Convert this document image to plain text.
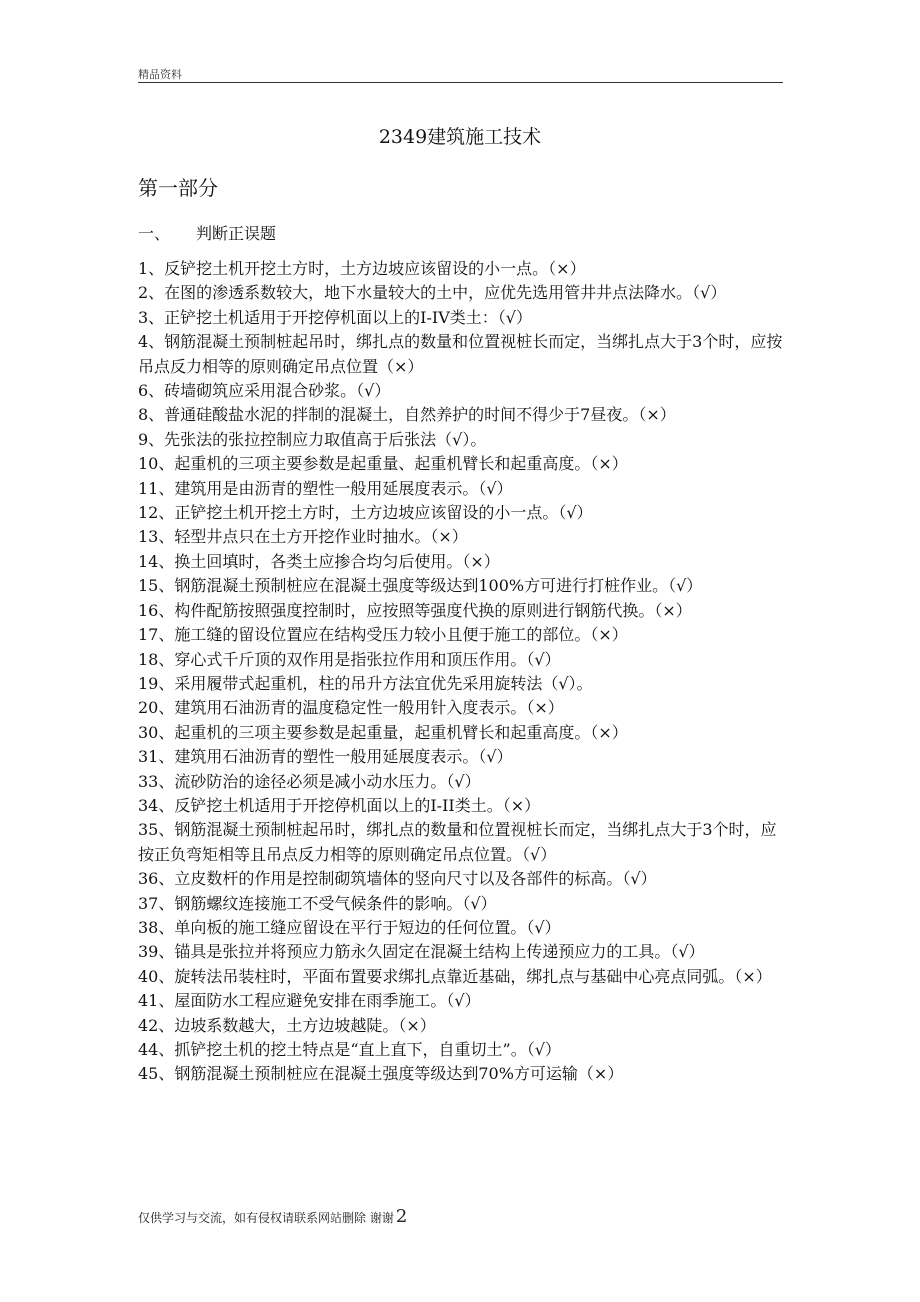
精品资料
2349建筑施工技术
第一部分
一、 判断正误题
1、反铲挖土机开挖土方时，土方边坡应该留设的小一点。（×）
2、在图的渗透系数较大，地下水量较大的土中，应优先选用管井井点法降水。（√）
3、正铲挖土机适用于开挖停机面以上的I-IV类土：（√）
4、钢筋混凝土预制桩起吊时，绑扎点的数量和位置视桩长而定，当绑扎点大于3个时，应按吊点反力相等的原则确定吊点位置（×）
6、砖墙砌筑应采用混合砂浆。（√）
8、普通硅酸盐水泥的拌制的混凝土，自然养护的时间不得少于7昼夜。（×）
9、先张法的张拉控制应力取值高于后张法（√）。
10、起重机的三项主要参数是起重量、起重机臂长和起重高度。（×）
11、建筑用是由沥青的塑性一般用延展度表示。（√）
12、正铲挖土机开挖土方时，土方边坡应该留设的小一点。（√）
13、轻型井点只在土方开挖作业时抽水。（×）
14、换土回填时，各类土应掺合均匀后使用。（×）
15、钢筋混凝土预制桩应在混凝土强度等级达到100%方可进行打桩作业。（√）
16、构件配筋按照强度控制时，应按照等强度代换的原则进行钢筋代换。（×）
17、施工缝的留设位置应在结构受压力较小且便于施工的部位。（×）
18、穿心式千斤顶的双作用是指张拉作用和顶压作用。（√）
19、采用履带式起重机，柱的吊升方法宜优先采用旋转法（√）。
20、建筑用石油沥青的温度稳定性一般用针入度表示。（×）
30、起重机的三项主要参数是起重量，起重机臂长和起重高度。（×）
31、建筑用石油沥青的塑性一般用延展度表示。（√）
33、流砂防治的途径必须是减小动水压力。（√）
34、反铲挖土机适用于开挖停机面以上的I-II类土。（×）
35、钢筋混凝土预制桩起吊时，绑扎点的数量和位置视桩长而定，当绑扎点大于3个时，应按正负弯矩相等且吊点反力相等的原则确定吊点位置。（√）
36、立皮数杆的作用是控制砌筑墙体的竖向尺寸以及各部件的标高。（√）
37、钢筋螺纹连接施工不受气候条件的影响。（√）
38、单向板的施工缝应留设在平行于短边的任何位置。（√）
39、锚具是张拉并将预应力筋永久固定在混凝土结构上传递预应力的工具。（√）
40、旋转法吊装柱时，平面布置要求绑扎点靠近基础，绑扎点与基础中心亮点同弧。（×）
41、屋面防水工程应避免安排在雨季施工。（√）
42、边坡系数越大，土方边坡越陡。（×）
44、抓铲挖土机的挖土特点是“直上直下，自重切土”。（√）
45、钢筋混凝土预制桩应在混凝土强度等级达到70%方可运输（×）
仅供学习与交流，如有侵权请联系网站删除 谢谢 2
